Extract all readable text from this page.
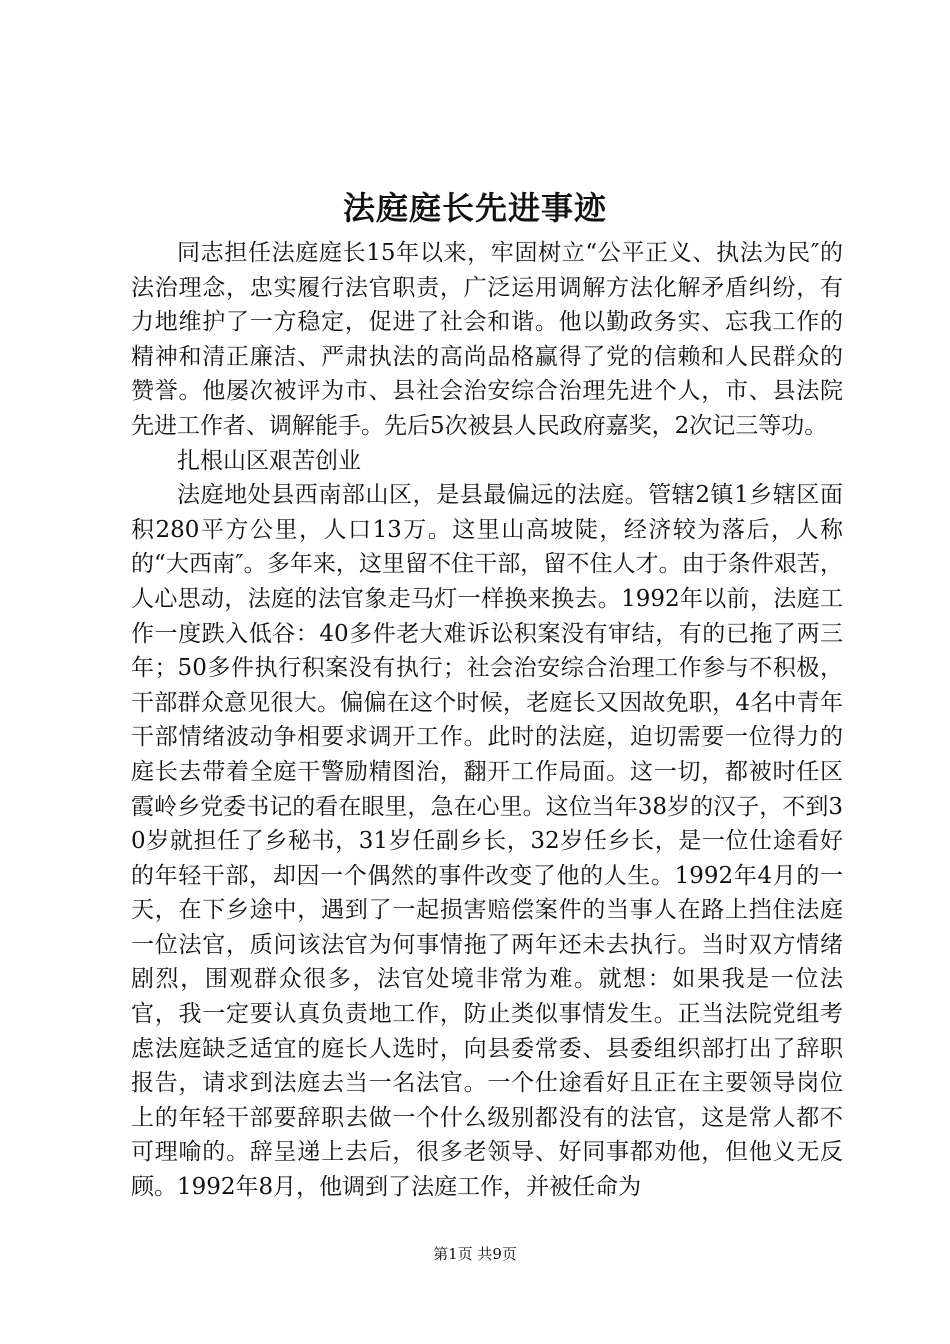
法庭庭长先进事迹

同志担任法庭庭长15年以来，牢固树立“公平正义、执法为民″的法治理念，忠实履行法官职责，广泛运用调解方法化解矛盾纠纷，有力地维护了一方稳定，促进了社会和谐。他以勤政务实、忘我工作的精神和清正廉洁、严肃执法的高尚品格赢得了党的信赖和人民群众的赞誉。他屡次被评为市、县社会治安综合治理先进个人，市、县法院先进工作者、调解能手。先后5次被县人民政府嘉奖，2次记三等功。

扎根山区艰苦创业

法庭地处县西南部山区，是县最偏远的法庭。管辖2镇1乡辖区面积280平方公里，人口13万。这里山高坡陡，经济较为落后，人称的“大西南″。多年来，这里留不住干部，留不住人才。由于条件艰苦，人心思动，法庭的法官象走马灯一样换来换去。1992年以前，法庭工作一度跌入低谷：40多件老大难诉讼积案没有审结，有的已拖了两三年；50多件执行积案没有执行；社会治安综合治理工作参与不积极，干部群众意见很大。偏偏在这个时候，老庭长又因故免职，4名中青年干部情绪波动争相要求调开工作。此时的法庭，迫切需要一位得力的庭长去带着全庭干警励精图治，翻开工作局面。这一切，都被时任区霞岭乡党委书记的看在眼里，急在心里。这位当年38岁的汉子，不到30岁就担任了乡秘书，31岁任副乡长，32岁任乡长，是一位仕途看好的年轻干部，却因一个偶然的事件改变了他的人生。1992年4月的一天，在下乡途中，遇到了一起损害赔偿案件的当事人在路上挡住法庭一位法官，质问该法官为何事情拖了两年还未去执行。当时双方情绪剧烈，围观群众很多，法官处境非常为难。就想：如果我是一位法官，我一定要认真负责地工作，防止类似事情发生。正当法院党组考虑法庭缺乏适宜的庭长人选时，向县委常委、县委组织部打出了辞职报告，请求到法庭去当一名法官。一个仕途看好且正在主要领导岗位上的年轻干部要辞职去做一个什么级别都没有的法官，这是常人都不可理喻的。辞呈递上去后，很多老领导、好同事都劝他，但他义无反顾。1992年8月，他调到了法庭工作，并被任命为

第1页 共9页
